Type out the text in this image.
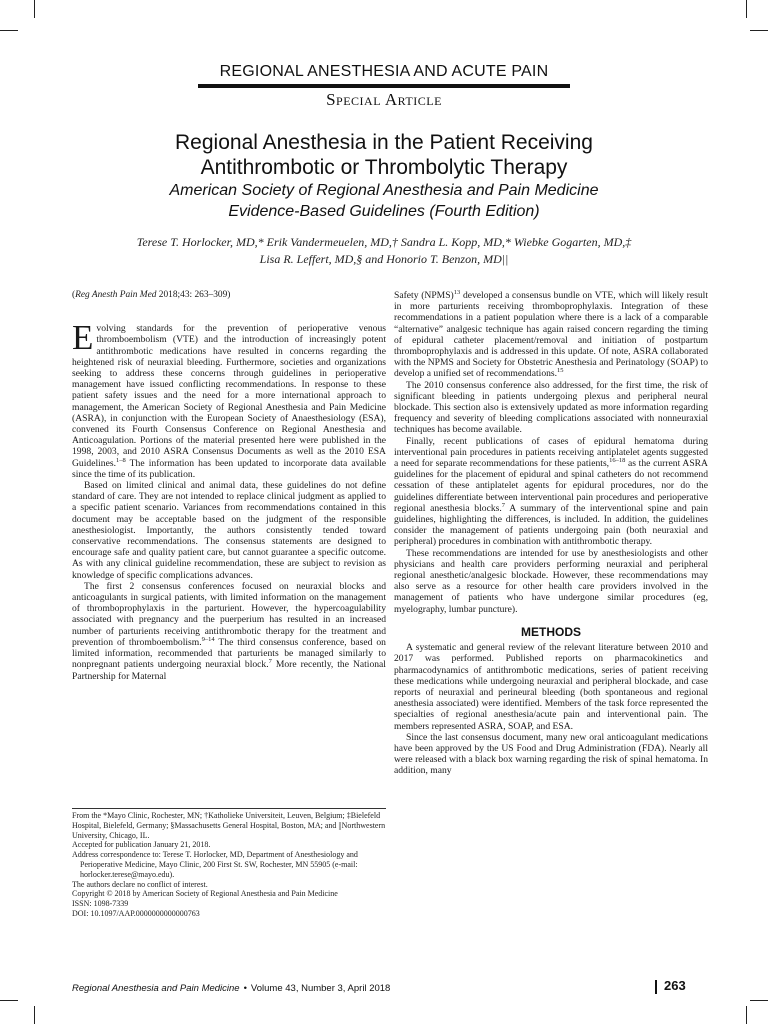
REGIONAL ANESTHESIA AND ACUTE PAIN
Special Article
Regional Anesthesia in the Patient Receiving
Antithrombotic or Thrombolytic Therapy
American Society of Regional Anesthesia and Pain Medicine
Evidence-Based Guidelines (Fourth Edition)
Terese T. Horlocker, MD,* Erik Vandermeuelen, MD,† Sandra L. Kopp, MD,* Wiebke Gogarten, MD,‡
Lisa R. Leffert, MD,§ and Honorio T. Benzon, MD||

(Reg Anesth Pain Med 2018;43: 263–309)

Evolving standards for the prevention of perioperative venous thromboembolism (VTE) and the introduction of increasingly potent antithrombotic medications have resulted in concerns regarding the heightened risk of neuraxial bleeding. Furthermore, societies and organizations seeking to address these concerns through guidelines in perioperative management have issued conflicting recommendations. In response to these patient safety issues and the need for a more international approach to management, the American Society of Regional Anesthesia and Pain Medicine (ASRA), in conjunction with the European Society of Anaesthesiology (ESA), convened its Fourth Consensus Conference on Regional Anesthesia and Anticoagulation. Portions of the material presented here were published in the 1998, 2003, and 2010 ASRA Consensus Documents as well as the 2010 ESA Guidelines.$^{1-8}$ The information has been updated to incorporate data available since the time of its publication.

Based on limited clinical and animal data, these guidelines do not define standard of care. They are not intended to replace clinical judgment as applied to a specific patient scenario. Variances from recommendations contained in this document may be acceptable based on the judgment of the responsible anesthesiologist. Importantly, the authors consistently tended toward conservative recommendations. The consensus statements are designed to encourage safe and quality patient care, but cannot guarantee a specific outcome. As with any clinical guideline recommendation, these are subject to revision as knowledge of specific complications advances.

The first 2 consensus conferences focused on neuraxial blocks and anticoagulants in surgical patients, with limited information on the management of thromboprophylaxis in the parturient. However, the hypercoagulability associated with pregnancy and the puerperium has resulted in an increased number of parturients receiving antithrombotic therapy for the treatment and prevention of thromboembolism.$^{9-14}$ The third consensus conference, based on limited information, recommended that parturients be managed similarly to nonpregnant patients undergoing neuraxial block.$^7$ More recently, the National Partnership for Maternal

Safety (NPMS)$^{13}$ developed a consensus bundle on VTE, which will likely result in more parturients receiving thromboprophylaxis. Integration of these recommendations in a patient population where there is a lack of a comparable “alternative” analgesic technique has again raised concern regarding the timing of epidural catheter placement/removal and initiation of postpartum thromboprophylaxis and is addressed in this update. Of note, ASRA collaborated with the NPMS and Society for Obstetric Anesthesia and Perinatology (SOAP) to develop a unified set of recommendations.$^{15}$

The 2010 consensus conference also addressed, for the first time, the risk of significant bleeding in patients undergoing plexus and peripheral neural blockade. This section also is extensively updated as more information regarding frequency and severity of bleeding complications associated with nonneuraxial techniques has become available.

Finally, recent publications of cases of epidural hematoma during interventional pain procedures in patients receiving antiplatelet agents suggested a need for separate recommendations for these patients,$^{16-18}$ as the current ASRA guidelines for the placement of epidural and spinal catheters do not recommend cessation of these antiplatelet agents for epidural procedures, nor do the guidelines differentiate between interventional pain procedures and perioperative regional anesthesia blocks.$^7$ A summary of the interventional spine and pain guidelines, highlighting the differences, is included. In addition, the guidelines consider the management of patients undergoing pain (both neuraxial and peripheral) procedures in combination with antithrombotic therapy.

These recommendations are intended for use by anesthesiologists and other physicians and health care providers performing neuraxial and peripheral regional anesthetic/analgesic blockade. However, these recommendations may also serve as a resource for other health care providers involved in the management of patients who have undergone similar procedures (eg, myelography, lumbar puncture).

METHODS

A systematic and general review of the relevant literature between 2010 and 2017 was performed. Published reports on pharmacokinetics and pharmacodynamics of antithrombotic medications, series of patient receiving these medications while undergoing neuraxial and peripheral blockade, and case reports of neuraxial and perineural bleeding (both spontaneous and regional anesthesia associated) were identified. Members of the task force represented the specialties of regional anesthesia/acute pain and interventional pain. The members represented ASRA, SOAP, and ESA.

Since the last consensus document, many new oral anticoagulant medications have been approved by the US Food and Drug Administration (FDA). Nearly all were released with a black box warning regarding the risk of spinal hematoma. In addition, many

From the *Mayo Clinic, Rochester, MN; †Katholieke Universiteit, Leuven, Belgium; ‡Bielefeld Hospital, Bielefeld, Germany; §Massachusetts General Hospital, Boston, MA; and ||Northwestern University, Chicago, IL.

Accepted for publication January 21, 2018.

Address correspondence to: Terese T. Horlocker, MD, Department of Anesthesiology and Perioperative Medicine, Mayo Clinic, 200 First St. SW, Rochester, MN 55905 (e-mail: horlocker.terese@mayo.edu).

The authors declare no conflict of interest.

Copyright © 2018 by American Society of Regional Anesthesia and Pain Medicine

ISSN: 1098-7339

DOI: 10.1097/AAP.0000000000000763

Regional Anesthesia and Pain Medicine • Volume 43, Number 3, April 2018	263
